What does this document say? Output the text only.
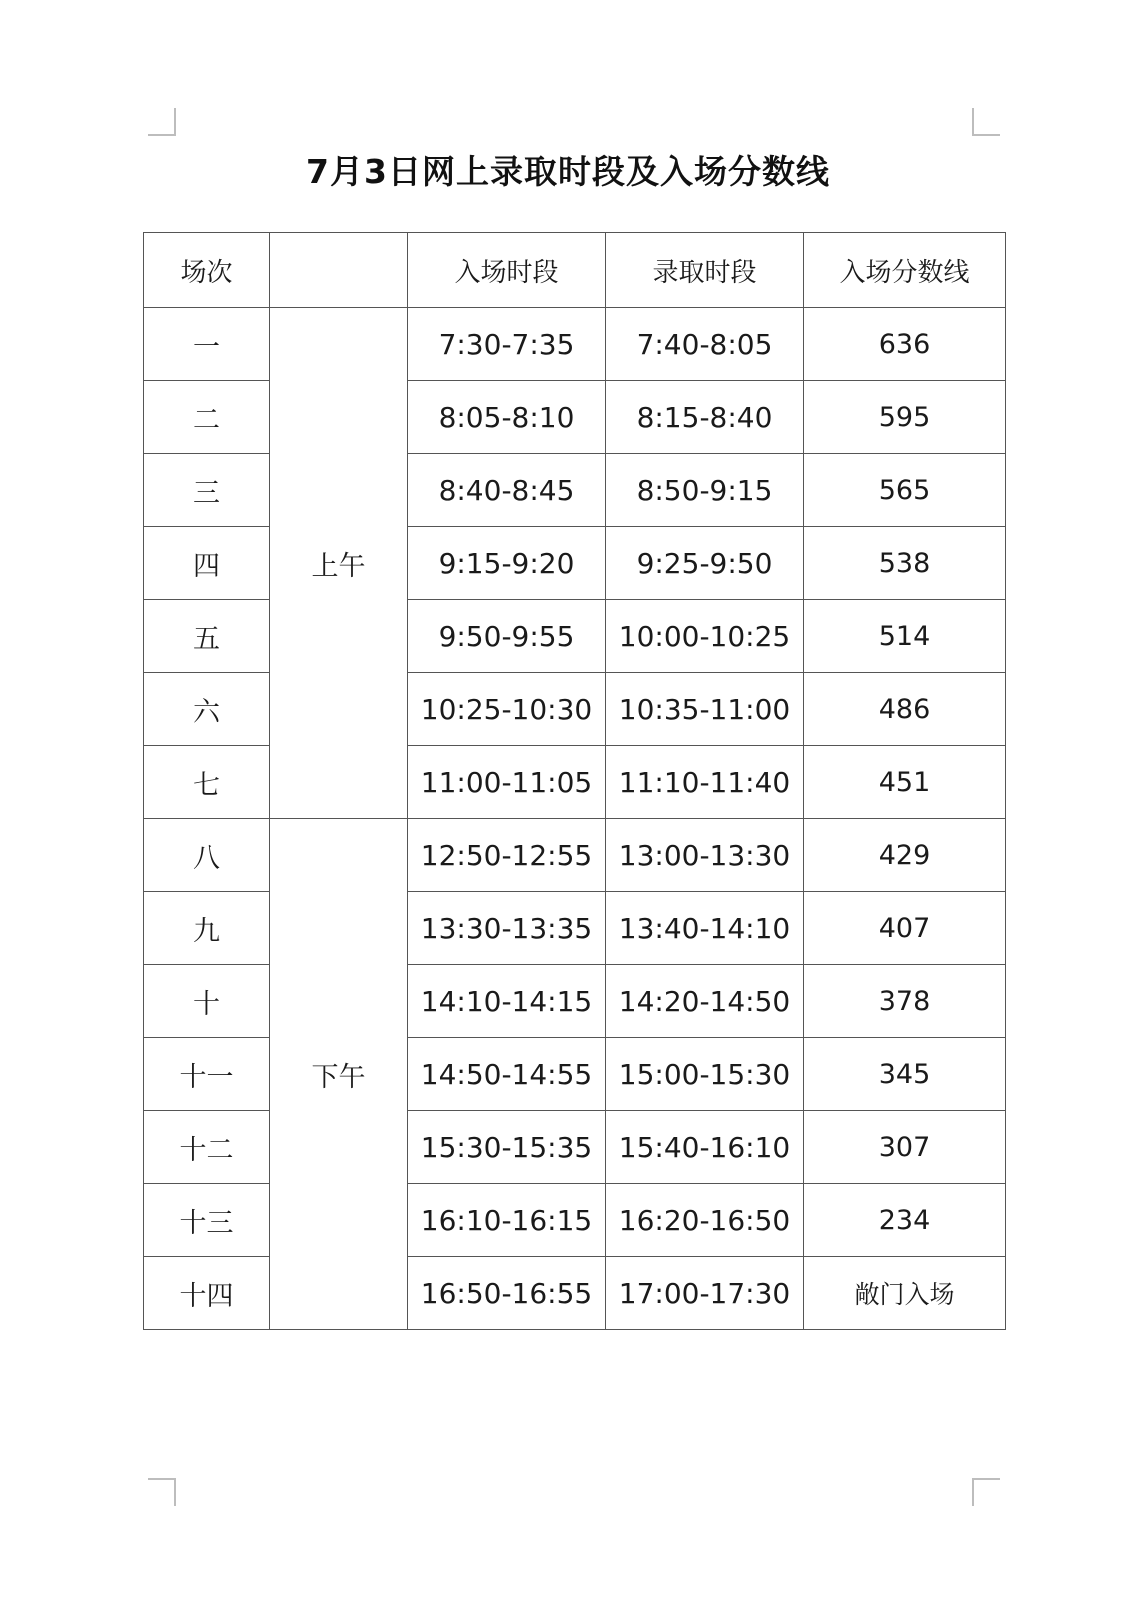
7月3日网上录取时段及入场分数线
场次		入场时段	录取时段	入场分数线
一	上午	7:30-7:35	7:40-8:05	636
二		8:05-8:10	8:15-8:40	595
三		8:40-8:45	8:50-9:15	565
四		9:15-9:20	9:25-9:50	538
五		9:50-9:55	10:00-10:25	514
六		10:25-10:30	10:35-11:00	486
七		11:00-11:05	11:10-11:40	451
八	下午	12:50-12:55	13:00-13:30	429
九		13:30-13:35	13:40-14:10	407
十		14:10-14:15	14:20-14:50	378
十一		14:50-14:55	15:00-15:30	345
十二		15:30-15:35	15:40-16:10	307
十三		16:10-16:15	16:20-16:50	234
十四		16:50-16:55	17:00-17:30	敞门入场
